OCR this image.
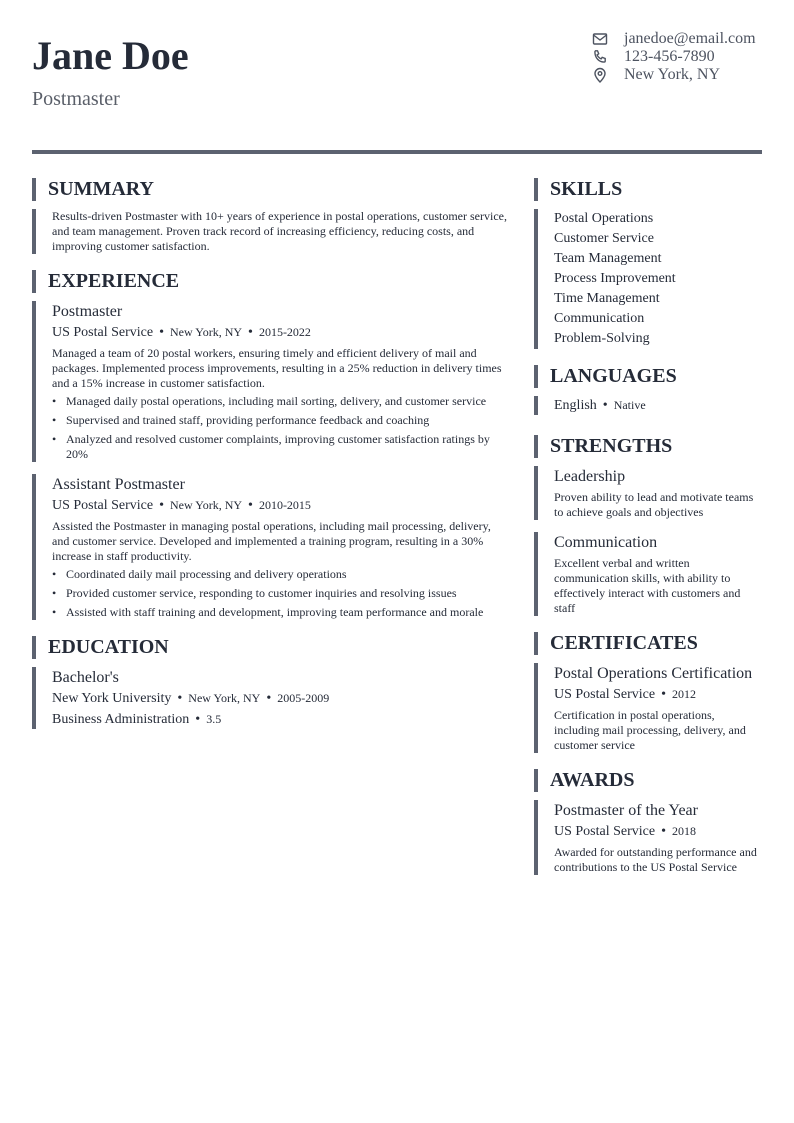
Jane Doe
Postmaster
janedoe@email.com
123-456-7890
New York, NY
SUMMARY
Results-driven Postmaster with 10+ years of experience in postal operations, customer service, and team management. Proven track record of increasing efficiency, reducing costs, and improving customer satisfaction.
EXPERIENCE
Postmaster
US Postal Service • New York, NY • 2015-2022
Managed a team of 20 postal workers, ensuring timely and efficient delivery of mail and packages. Implemented process improvements, resulting in a 25% reduction in delivery times and a 15% increase in customer satisfaction.
• Managed daily postal operations, including mail sorting, delivery, and customer service
• Supervised and trained staff, providing performance feedback and coaching
• Analyzed and resolved customer complaints, improving customer satisfaction ratings by 20%
Assistant Postmaster
US Postal Service • New York, NY • 2010-2015
Assisted the Postmaster in managing postal operations, including mail processing, delivery, and customer service. Developed and implemented a training program, resulting in a 30% increase in staff productivity.
• Coordinated daily mail processing and delivery operations
• Provided customer service, responding to customer inquiries and resolving issues
• Assisted with staff training and development, improving team performance and morale
EDUCATION
Bachelor's
New York University • New York, NY • 2005-2009
Business Administration • 3.5
SKILLS
Postal Operations
Customer Service
Team Management
Process Improvement
Time Management
Communication
Problem-Solving
LANGUAGES
English • Native
STRENGTHS
Leadership
Proven ability to lead and motivate teams to achieve goals and objectives
Communication
Excellent verbal and written communication skills, with ability to effectively interact with customers and staff
CERTIFICATES
Postal Operations Certification
US Postal Service • 2012
Certification in postal operations, including mail processing, delivery, and customer service
AWARDS
Postmaster of the Year
US Postal Service • 2018
Awarded for outstanding performance and contributions to the US Postal Service
